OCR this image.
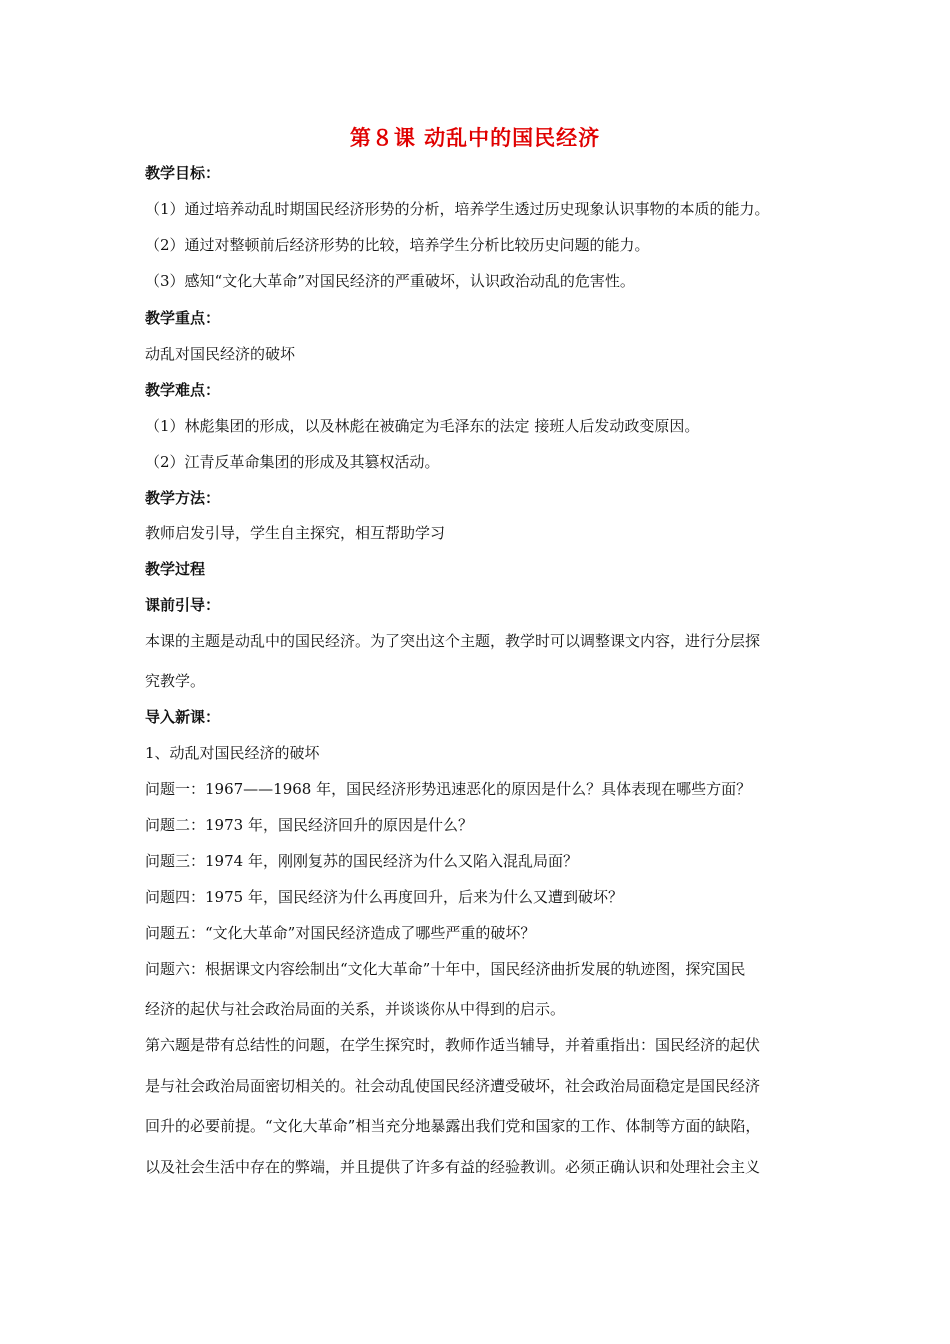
第８课 动乱中的国民经济
教学目标：
（1）通过培养动乱时期国民经济形势的分析，培养学生透过历史现象认识事物的本质的能力。
（2）通过对整顿前后经济形势的比较，培养学生分析比较历史问题的能力。
（3）感知“文化大革命”对国民经济的严重破坏，认识政治动乱的危害性。
教学重点：
动乱对国民经济的破坏
教学难点：
（1）林彪集团的形成，以及林彪在被确定为毛泽东的法定 接班人后发动政变原因。
（2）江青反革命集团的形成及其篡权活动。
教学方法：
教师启发引导，学生自主探究，相互帮助学习
教学过程
课前引导：
本课的主题是动乱中的国民经济。为了突出这个主题，教学时可以调整课文内容，进行分层探
究教学。
导入新课：
1、动乱对国民经济的破坏
问题一：1967——1968 年，国民经济形势迅速恶化的原因是什么？具体表现在哪些方面？
问题二：1973 年，国民经济回升的原因是什么？
问题三：1974 年，刚刚复苏的国民经济为什么又陷入混乱局面？
问题四：1975 年，国民经济为什么再度回升，后来为什么又遭到破坏？
问题五：“文化大革命”对国民经济造成了哪些严重的破坏？
问题六：根据课文内容绘制出“文化大革命”十年中，国民经济曲折发展的轨迹图，探究国民
经济的起伏与社会政治局面的关系，并谈谈你从中得到的启示。
第六题是带有总结性的问题，在学生探究时，教师作适当辅导，并着重指出：国民经济的起伏
是与社会政治局面密切相关的。社会动乱使国民经济遭受破坏，社会政治局面稳定是国民经济
回升的必要前提。“文化大革命”相当充分地暴露出我们党和国家的工作、体制等方面的缺陷，
以及社会生活中存在的弊端，并且提供了许多有益的经验教训。必须正确认识和处理社会主义
